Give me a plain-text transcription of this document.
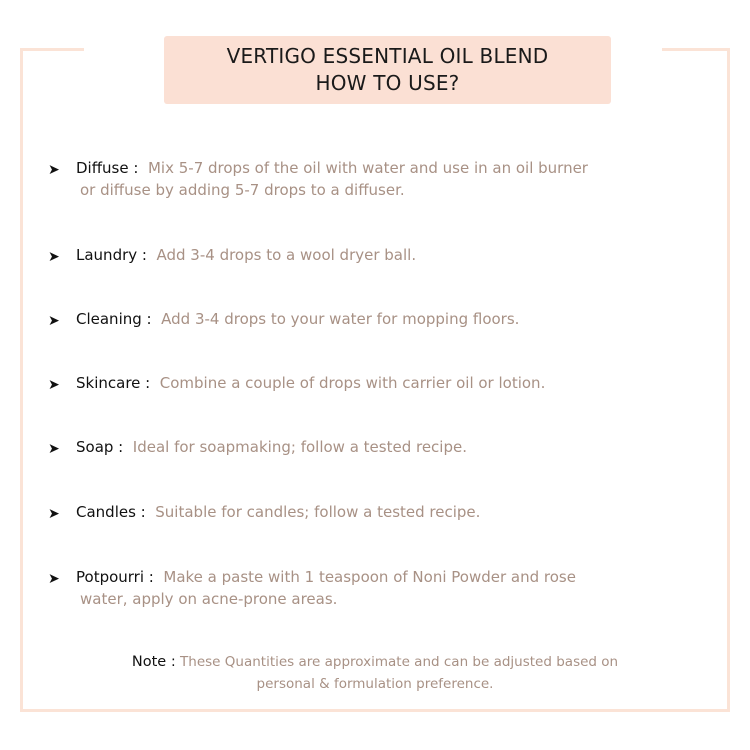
VERTIGO ESSENTIAL OIL BLEND
HOW TO USE?
➤ Diffuse : Mix 5-7 drops of the oil with water and use in an oil burner
or diffuse by adding 5-7 drops to a diffuser.
➤ Laundry : Add 3-4 drops to a wool dryer ball.
➤ Cleaning : Add 3-4 drops to your water for mopping floors.
➤ Skincare : Combine a couple of drops with carrier oil or lotion.
➤ Soap : Ideal for soapmaking; follow a tested recipe.
➤ Candles : Suitable for candles; follow a tested recipe.
➤ Potpourri : Make a paste with 1 teaspoon of Noni Powder and rose
water, apply on acne-prone areas.
Note : These Quantities are approximate and can be adjusted based on
personal & formulation preference.
